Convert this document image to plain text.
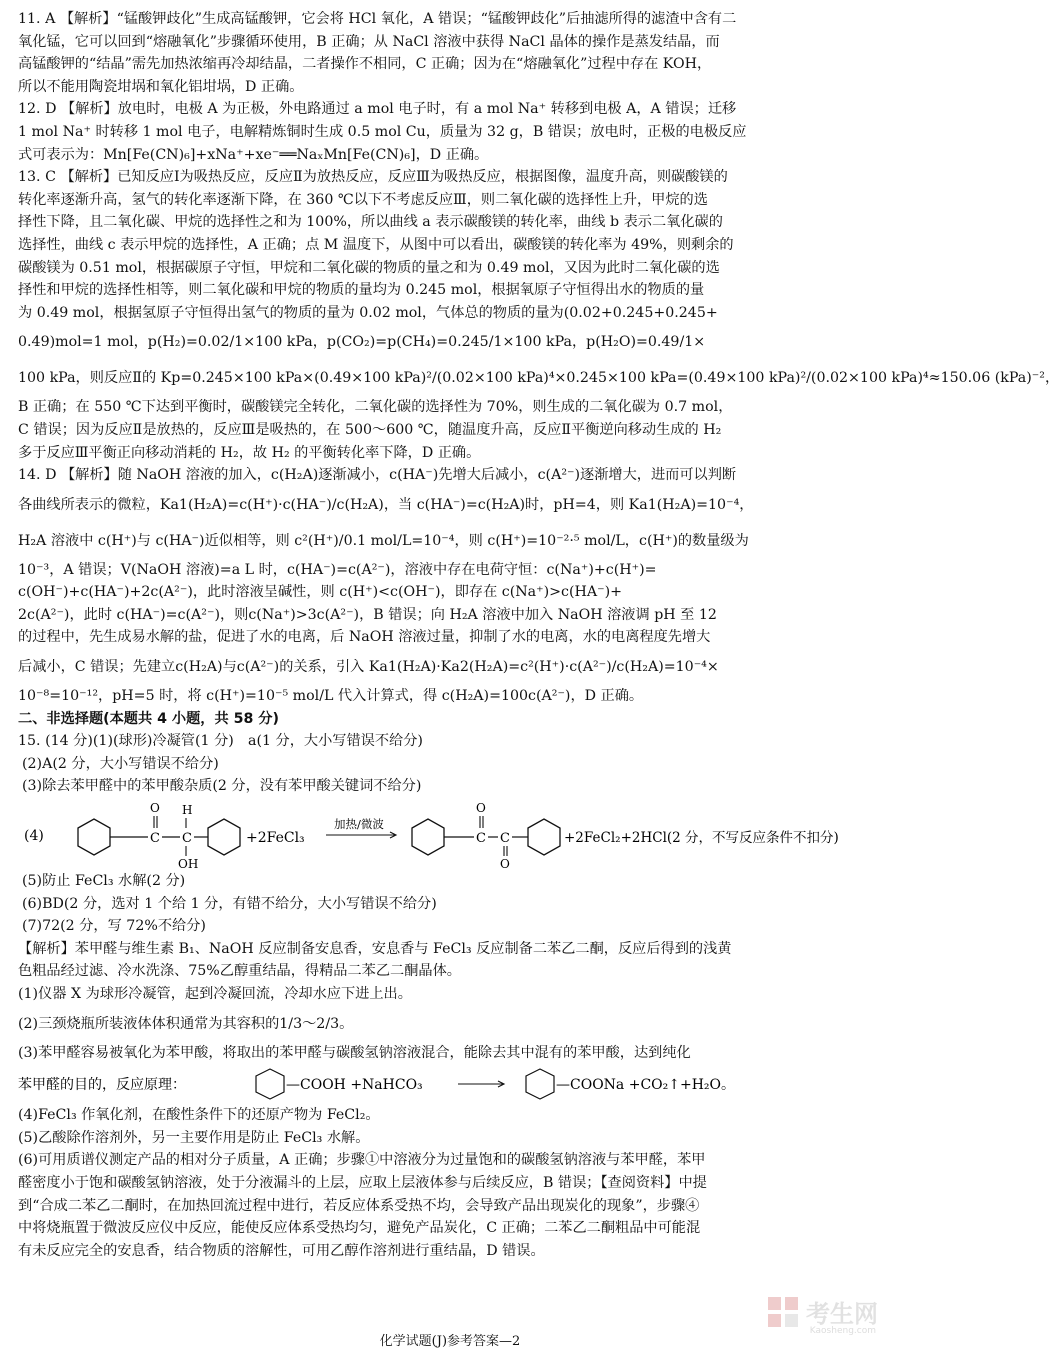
11. A 【解析】“锰酸钾歧化”生成高锰酸钾，它会将 HCl 氧化，A 错误；“锰酸钾歧化”后抽滤所得的滤渣中含有二

氧化锰，它可以回到“熔融氧化”步骤循环使用，B 正确；从 NaCl 溶液中获得 NaCl 晶体的操作是蒸发结晶，而

高锰酸钾的“结晶”需先加热浓缩再冷却结晶，二者操作不相同，C 正确；因为在“熔融氧化”过程中存在 KOH，

所以不能用陶瓷坩埚和氧化铝坩埚，D 正确。

12. D 【解析】放电时，电极 A 为正极，外电路通过 a mol 电子时，有 a mol Na⁺ 转移到电极 A，A 错误；迁移

1 mol Na⁺ 时转移 1 mol 电子，电解精炼铜时生成 0.5 mol Cu，质量为 32 g，B 错误；放电时，正极的电极反应

式可表示为：Mn[Fe(CN)₆]+xNa⁺+xe⁻══NaₓMn[Fe(CN)₆]，D 正确。

13. C 【解析】已知反应Ⅰ为吸热反应，反应Ⅱ为放热反应，反应Ⅲ为吸热反应，根据图像，温度升高，则碳酸镁的

转化率逐渐升高，氢气的转化率逐渐下降，在 360 ℃以下不考虑反应Ⅲ，则二氧化碳的选择性上升，甲烷的选

择性下降，且二氧化碳、甲烷的选择性之和为 100%，所以曲线 a 表示碳酸镁的转化率，曲线 b 表示二氧化碳的

选择性，曲线 c 表示甲烷的选择性，A 正确；点 M 温度下，从图中可以看出，碳酸镁的转化率为 49%，则剩余的

碳酸镁为 0.51 mol，根据碳原子守恒，甲烷和二氧化碳的物质的量之和为 0.49 mol，又因为此时二氧化碳的选

择性和甲烷的选择性相等，则二氧化碳和甲烷的物质的量均为 0.245 mol，根据氧原子守恒得出水的物质的量

为 0.49 mol，根据氢原子守恒得出氢气的物质的量为 0.02 mol，气体总的物质的量为(0.02+0.245+0.245+

0.49)mol=1 mol，p(H₂)=0.02/1×100 kPa，p(CO₂)=p(CH₄)=0.245/1×100 kPa，p(H₂O)=0.49/1×

100 kPa，则反应Ⅱ的 Kp=0.245×100 kPa×(0.49×100 kPa)²/(0.02×100 kPa)⁴×0.245×100 kPa=(0.49×100 kPa)²/(0.02×100 kPa)⁴≈150.06 (kPa)⁻²，

B 正确；在 550 ℃下达到平衡时，碳酸镁完全转化，二氧化碳的选择性为 70%，则生成的二氧化碳为 0.7 mol，

C 错误；因为反应Ⅱ是放热的，反应Ⅲ是吸热的，在 500～600 ℃，随温度升高，反应Ⅱ平衡逆向移动生成的 H₂

多于反应Ⅲ平衡正向移动消耗的 H₂，故 H₂ 的平衡转化率下降，D 正确。

14. D 【解析】随 NaOH 溶液的加入，c(H₂A)逐渐减小，c(HA⁻)先增大后减小，c(A²⁻)逐渐增大，进而可以判断

各曲线所表示的微粒，Ka1(H₂A)=c(H⁺)·c(HA⁻)/c(H₂A)，当 c(HA⁻)=c(H₂A)时，pH=4，则 Ka1(H₂A)=10⁻⁴，

H₂A 溶液中 c(H⁺)与 c(HA⁻)近似相等，则 c²(H⁺)/0.1 mol/L=10⁻⁴，则 c(H⁺)=10⁻²·⁵ mol/L，c(H⁺)的数量级为

10⁻³，A 错误；V(NaOH 溶液)=a L 时，c(HA⁻)=c(A²⁻)，溶液中存在电荷守恒：c(Na⁺)+c(H⁺)=

c(OH⁻)+c(HA⁻)+2c(A²⁻)，此时溶液呈碱性，则 c(H⁺)<c(OH⁻)，即存在 c(Na⁺)>c(HA⁻)+

2c(A²⁻)，此时 c(HA⁻)=c(A²⁻)，则c(Na⁺)>3c(A²⁻)，B 错误；向 H₂A 溶液中加入 NaOH 溶液调 pH 至 12

的过程中，先生成易水解的盐，促进了水的电离，后 NaOH 溶液过量，抑制了水的电离，水的电离程度先增大

后减小，C 错误；先建立c(H₂A)与c(A²⁻)的关系，引入 Ka1(H₂A)·Ka2(H₂A)=c²(H⁺)·c(A²⁻)/c(H₂A)=10⁻⁴×

10⁻⁸=10⁻¹²，pH=5 时，将 c(H⁺)=10⁻⁵ mol/L 代入计算式，得 c(H₂A)=100c(A²⁻)，D 正确。

二、非选择题(本题共 4 小题，共 58 分)

15. (14 分)(1)(球形)冷凝管(1 分)　a(1 分，大小写错误不给分)

(2)A(2 分，大小写错误不给分)

(3)除去苯甲醛中的苯甲酸杂质(2 分，没有苯甲酸关键词不给分)

(4)	C
O
C
H
OH
+2FeCl₃
加热/微波
C
O
C
O
+2FeCl₂+2HCl(2 分，不写反应条件不扣分)

(5)防止 FeCl₃ 水解(2 分)

(6)BD(2 分，选对 1 个给 1 分，有错不给分，大小写错误不给分)

(7)72(2 分，写 72%不给分)

【解析】苯甲醛与维生素 B₁、NaOH 反应制备安息香，安息香与 FeCl₃ 反应制备二苯乙二酮，反应后得到的浅黄

色粗品经过滤、冷水洗涤、75%乙醇重结晶，得精品二苯乙二酮晶体。

(1)仪器 X 为球形冷凝管，起到冷凝回流，冷却水应下进上出。

(2)三颈烧瓶所装液体体积通常为其容积的1/3～2/3。

(3)苯甲醛容易被氧化为苯甲酸，将取出的苯甲醛与碳酸氢钠溶液混合，能除去其中混有的苯甲酸，达到纯化

苯甲醛的目的，反应原理：	—COOH +NaHCO₃	—COONa +CO₂↑+H₂O。

(4)FeCl₃ 作氧化剂，在酸性条件下的还原产物为 FeCl₂。

(5)乙酸除作溶剂外，另一主要作用是防止 FeCl₃ 水解。

(6)可用质谱仪测定产品的相对分子质量，A 正确；步骤①中溶液分为过量饱和的碳酸氢钠溶液与苯甲醛，苯甲

醛密度小于饱和碳酸氢钠溶液，处于分液漏斗的上层，应取上层液体参与后续反应，B 错误；【查阅资料】中提

到“合成二苯乙二酮时，在加热回流过程中进行，若反应体系受热不均，会导致产品出现炭化的现象”，步骤④

中将烧瓶置于微波反应仪中反应，能使反应体系受热均匀，避免产品炭化，C 正确；二苯乙二酮粗品中可能混

有未反应完全的安息香，结合物质的溶解性，可用乙醇作溶剂进行重结晶，D 错误。

考生网
Kaosheng.com
化学试题(J)参考答案—2
